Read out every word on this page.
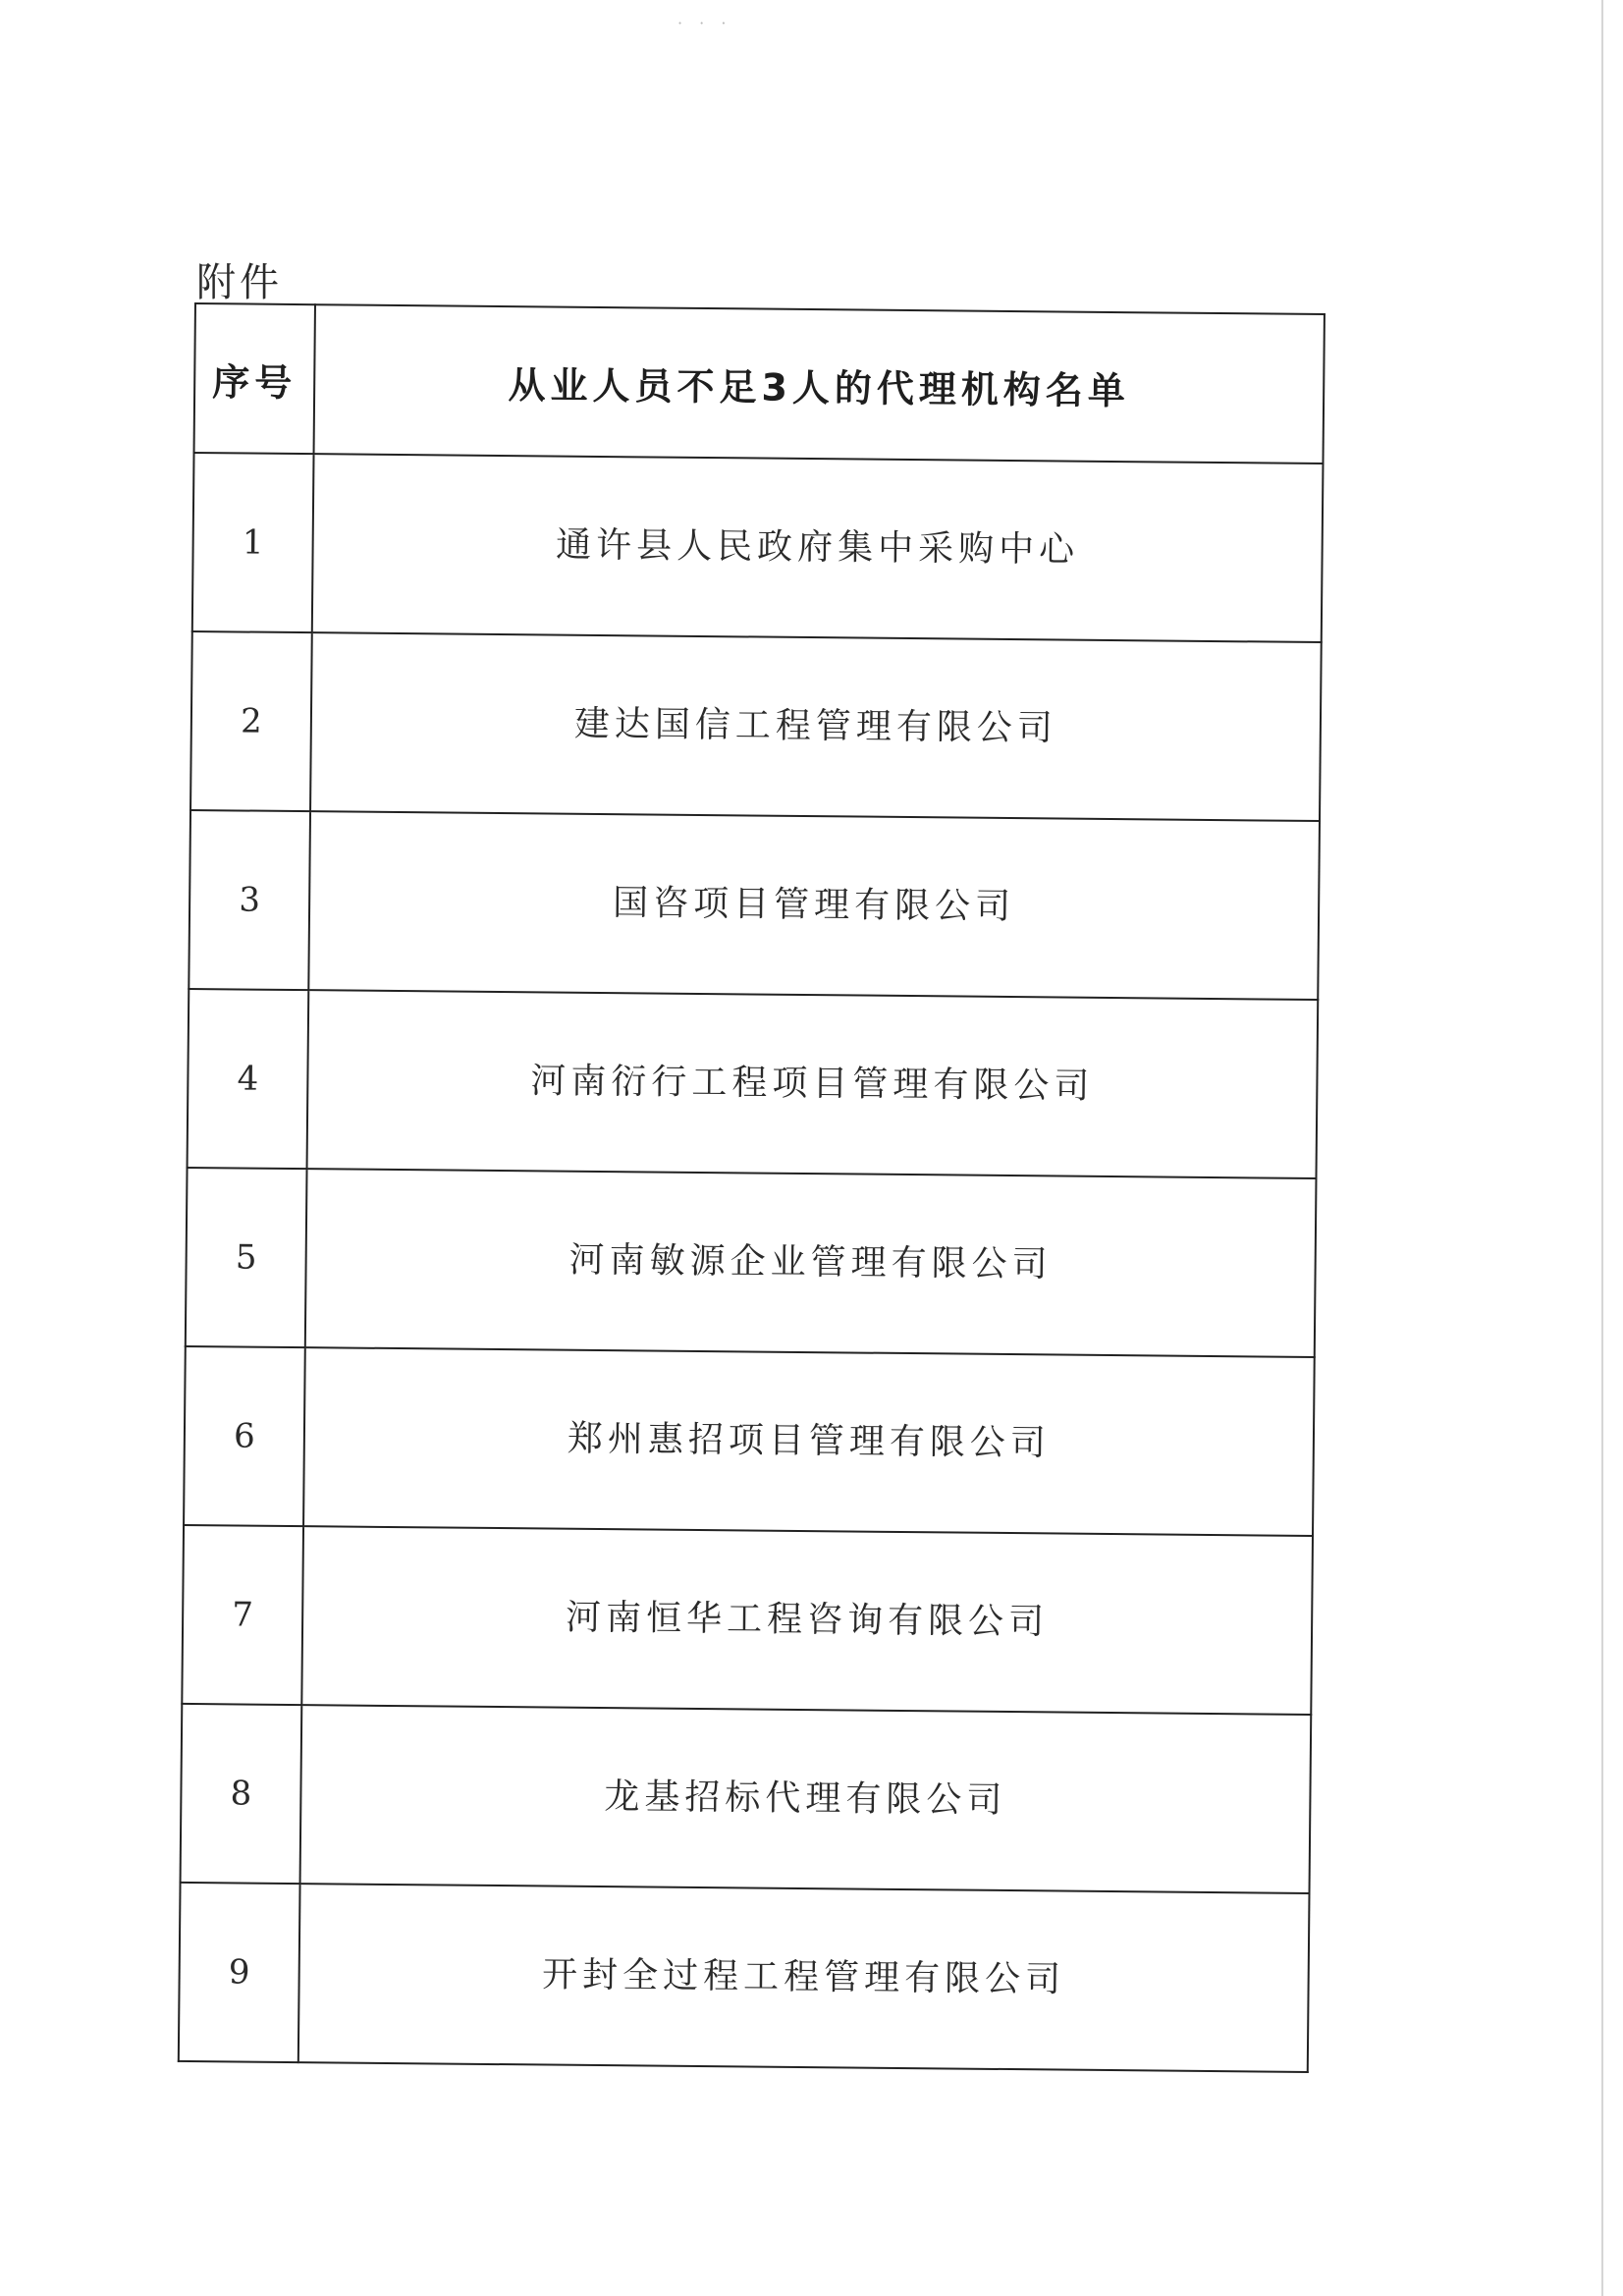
· · ·
附件
序号	从业人员不足3人的代理机构名单
1	通许县人民政府集中采购中心
2	建达国信工程管理有限公司
3	国咨项目管理有限公司
4	河南衍行工程项目管理有限公司
5	河南敏源企业管理有限公司
6	郑州惠招项目管理有限公司
7	河南恒华工程咨询有限公司
8	龙基招标代理有限公司
9	开封全过程工程管理有限公司
